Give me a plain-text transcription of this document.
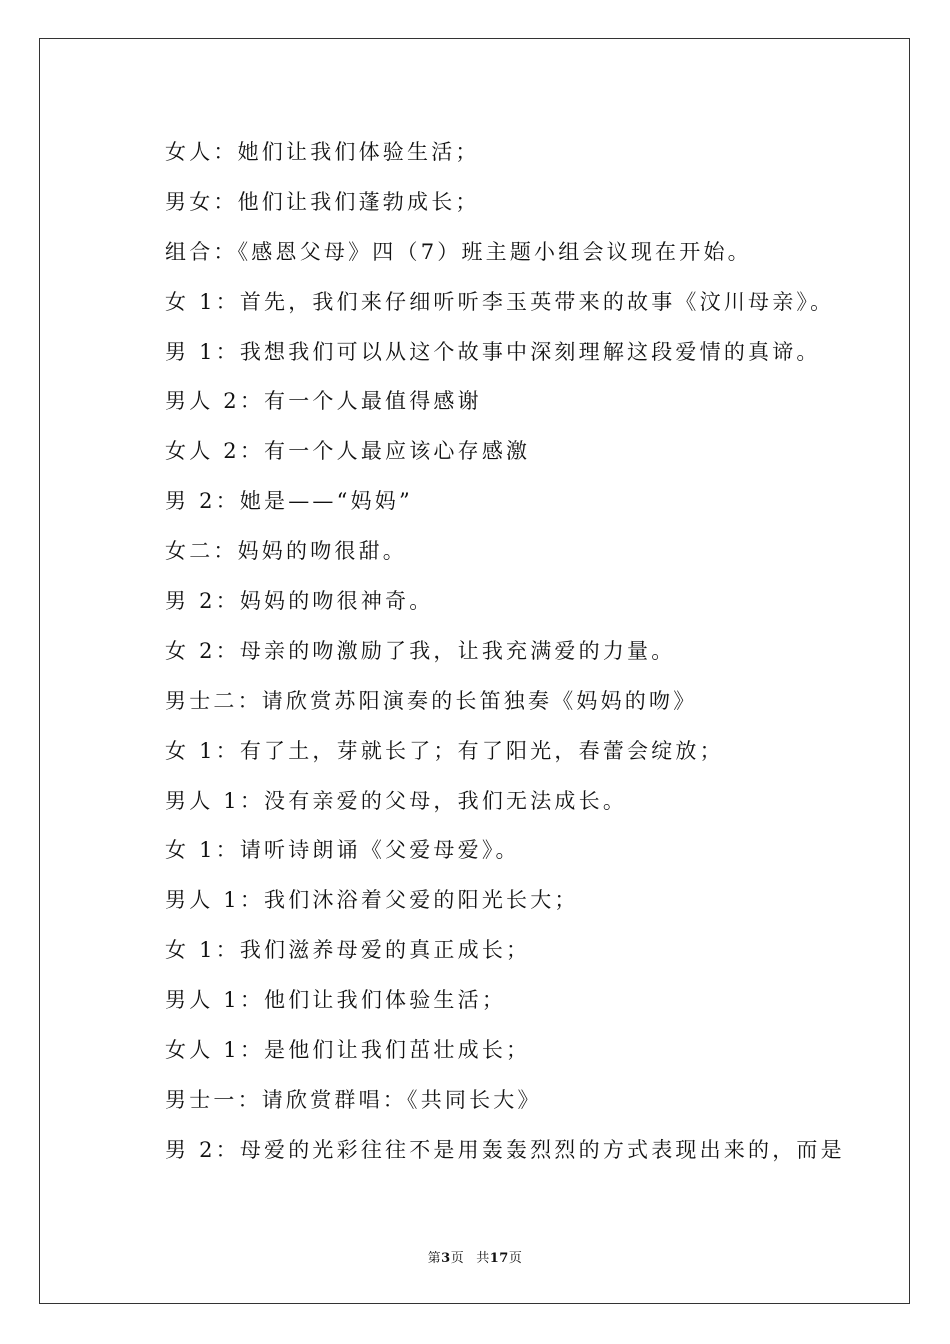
女人：她们让我们体验生活；
男女：他们让我们蓬勃成长；
组合：《感恩父母》四（7）班主题小组会议现在开始。
女 1：首先，我们来仔细听听李玉英带来的故事《汶川母亲》。
男 1：我想我们可以从这个故事中深刻理解这段爱情的真谛。
男人 2：有一个人最值得感谢
女人 2：有一个人最应该心存感激
男 2：她是——“妈妈”
女二：妈妈的吻很甜。
男 2：妈妈的吻很神奇。
女 2：母亲的吻激励了我，让我充满爱的力量。
男士二：请欣赏苏阳演奏的长笛独奏《妈妈的吻》
女 1：有了土，芽就长了；有了阳光，春蕾会绽放；
男人 1：没有亲爱的父母，我们无法成长。
女 1：请听诗朗诵《父爱母爱》。
男人 1：我们沐浴着父爱的阳光长大；
女 1：我们滋养母爱的真正成长；
男人 1：他们让我们体验生活；
女人 1：是他们让我们茁壮成长；
男士一：请欣赏群唱：《共同长大》
男 2：母爱的光彩往往不是用轰轰烈烈的方式表现出来的，而是
第3页 共17页
